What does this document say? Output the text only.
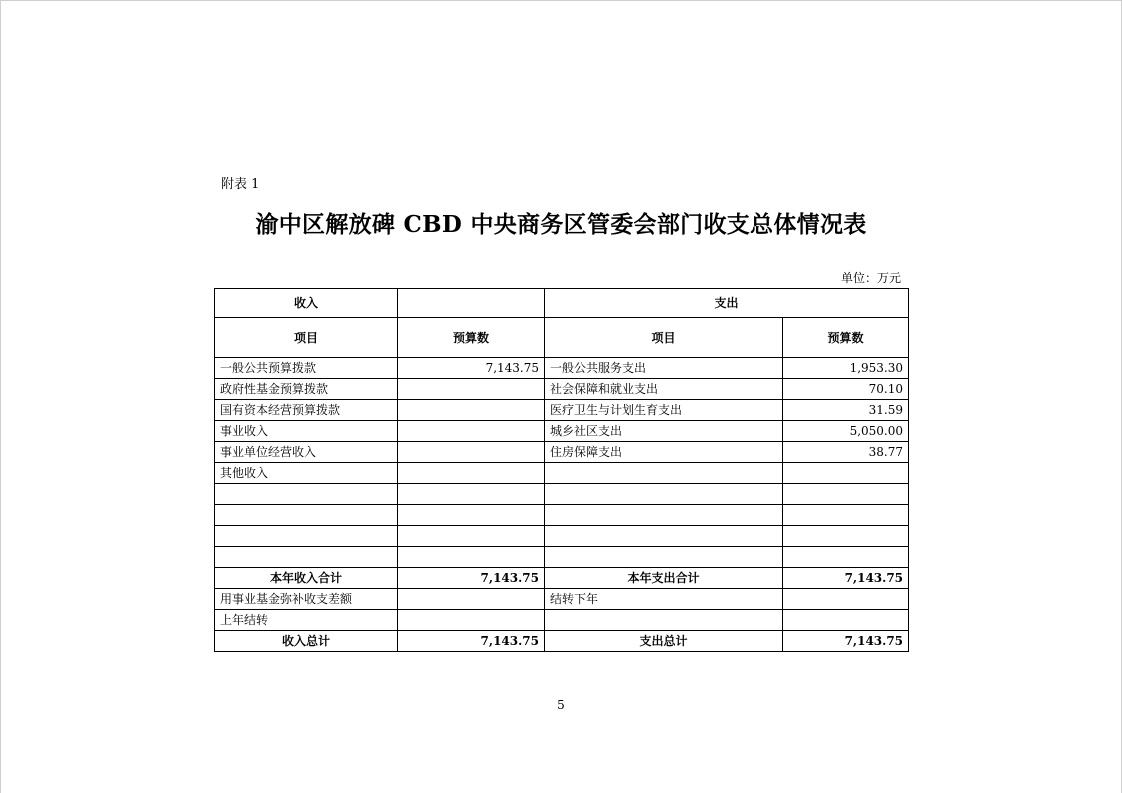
附表 1
渝中区解放碑 CBD 中央商务区管委会部门收支总体情况表
单位：万元
收入		支出	
项目	预算数	项目	预算数
一般公共预算拨款	7,143.75	一般公共服务支出	1,953.30
政府性基金预算拨款		社会保障和就业支出	70.10
国有资本经营预算拨款		医疗卫生与计划生育支出	31.59
事业收入		城乡社区支出	5,050.00
事业单位经营收入		住房保障支出	38.77
其他收入			

本年收入合计	7,143.75	本年支出合计	7,143.75
用事业基金弥补收支差额		结转下年	
上年结转			
收入总计	7,143.75	支出总计	7,143.75
5
